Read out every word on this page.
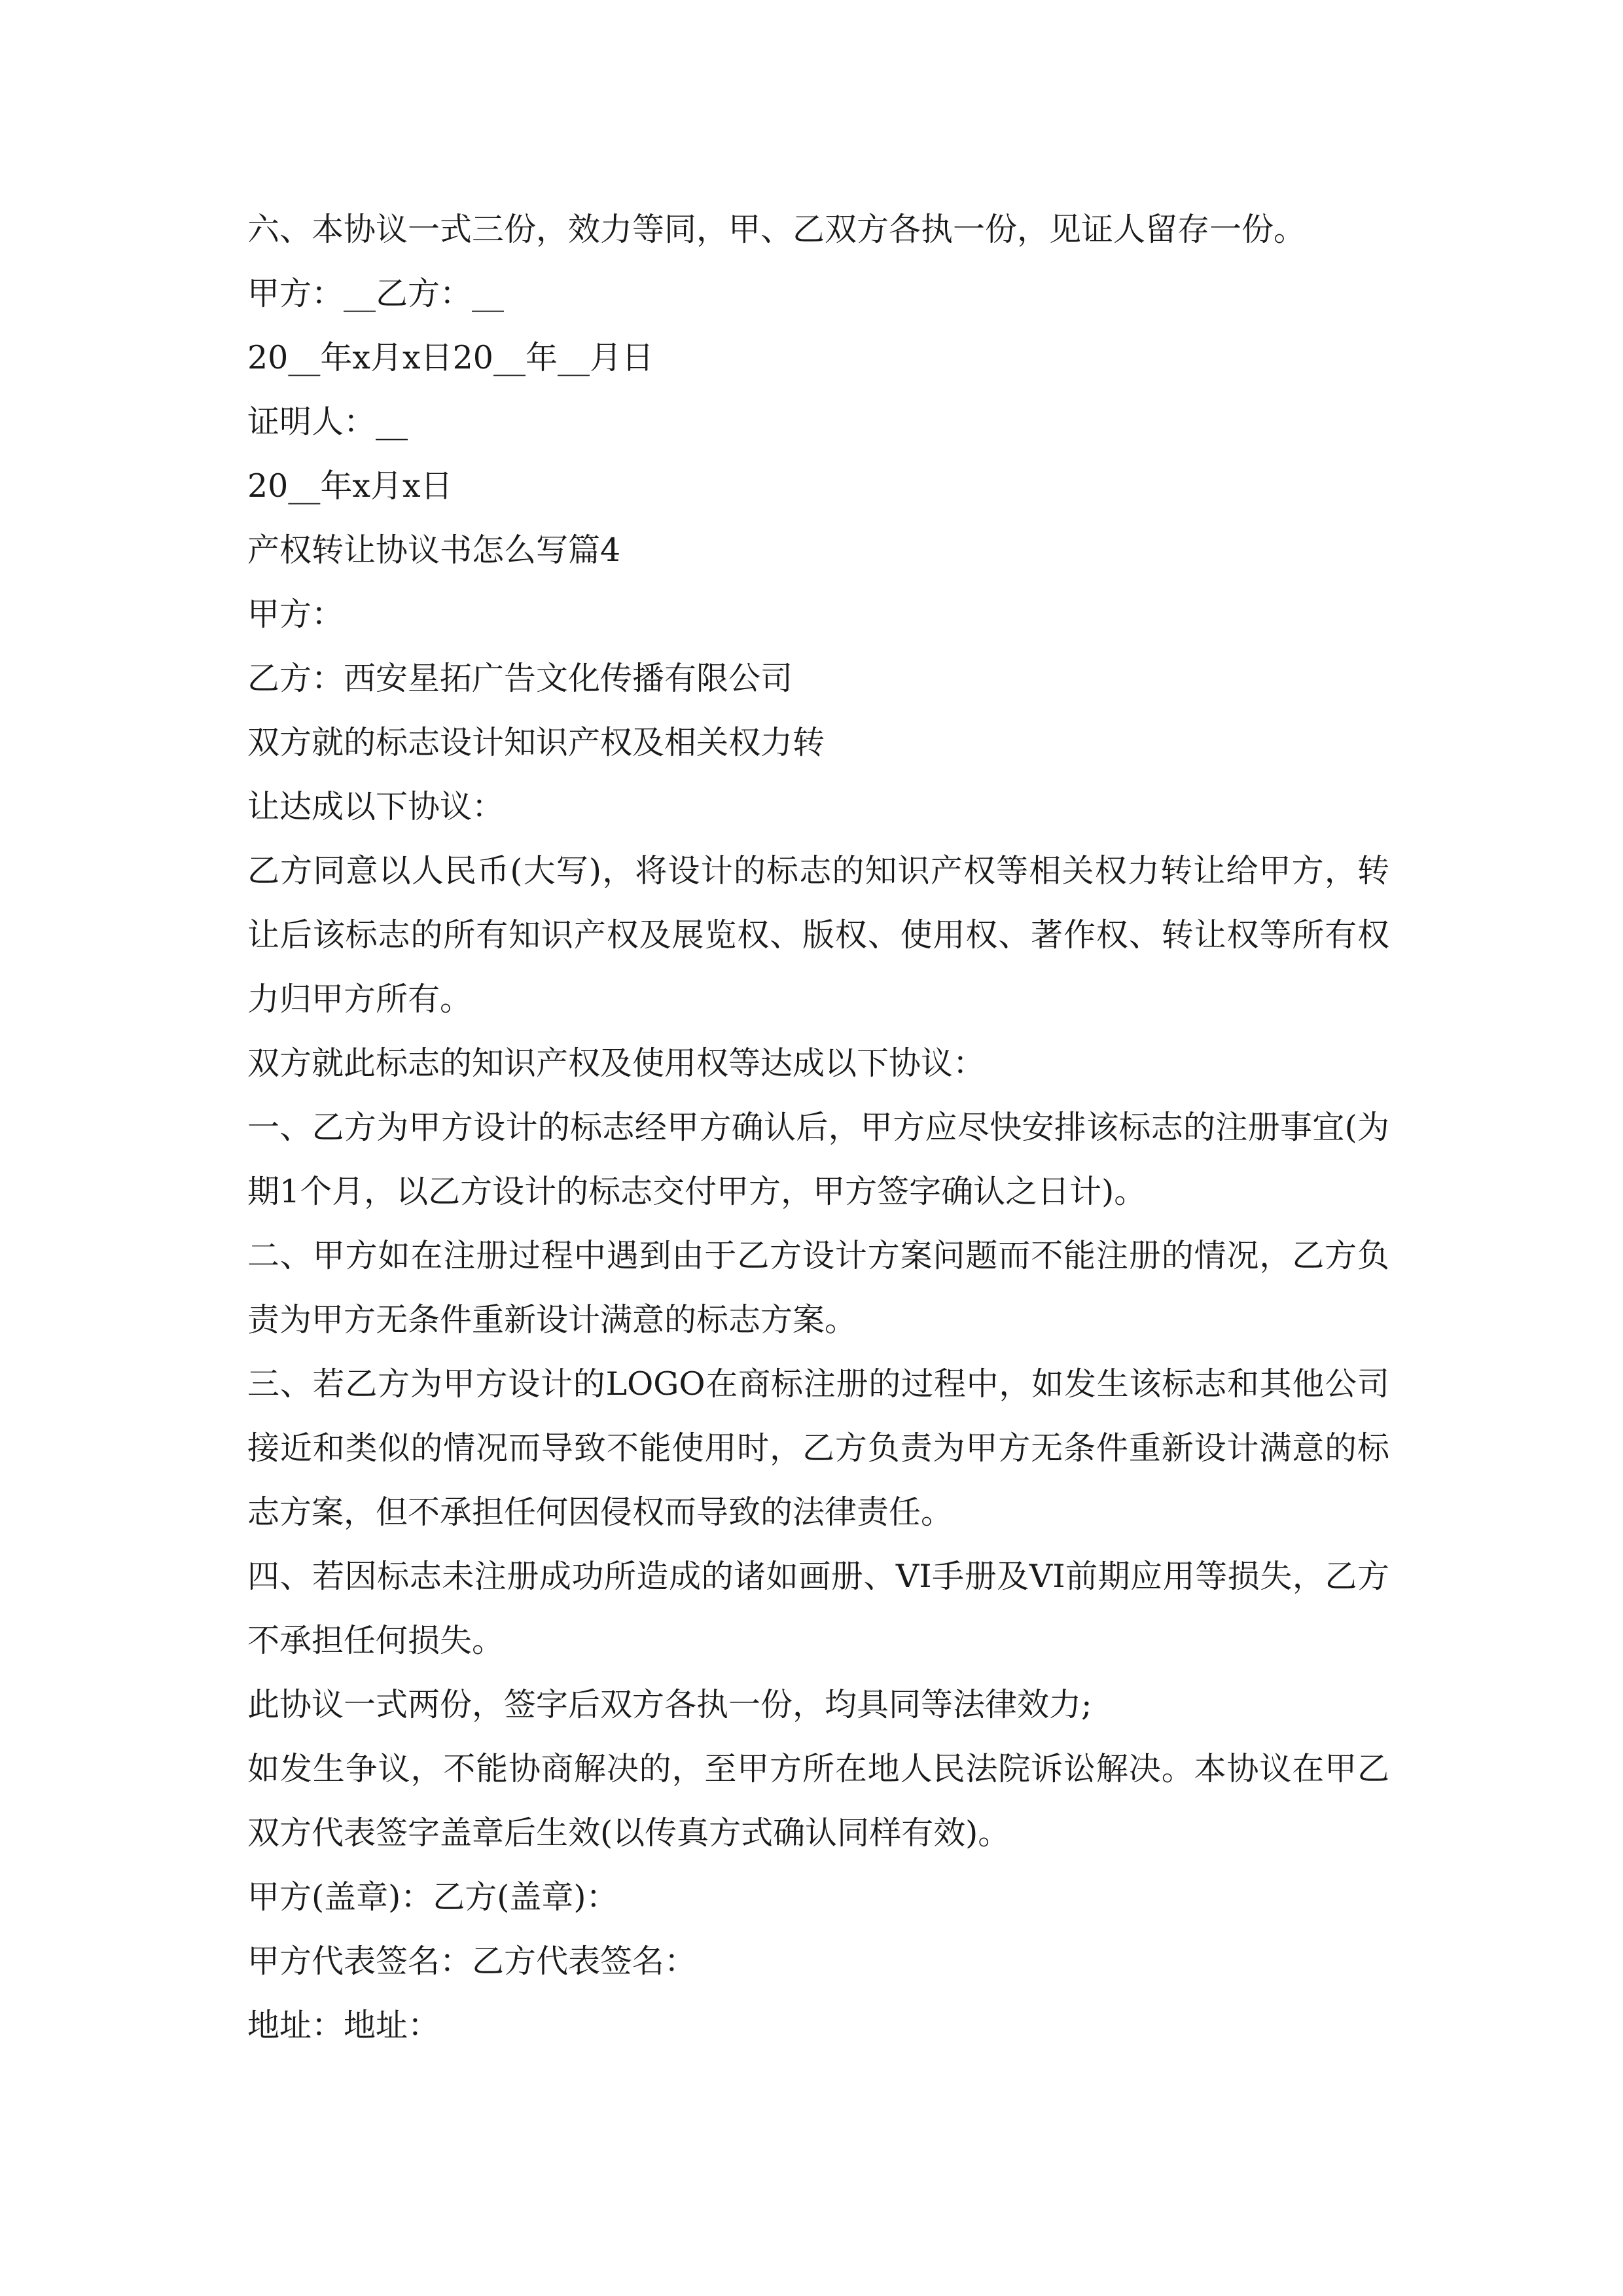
六、本协议一式三份，效力等同，甲、乙双方各执一份，见证人留存一份。

甲方：__乙方：__

20__年x月x日20__年__月日

证明人：__

20__年x月x日

产权转让协议书怎么写篇4

甲方：

乙方：西安星拓广告文化传播有限公司

双方就的标志设计知识产权及相关权力转

让达成以下协议：

乙方同意以人民币(大写)，将设计的标志的知识产权等相关权力转让给甲方，转让后该标志的所有知识产权及展览权、版权、使用权、著作权、转让权等所有权力归甲方所有。

双方就此标志的知识产权及使用权等达成以下协议：

一、乙方为甲方设计的标志经甲方确认后，甲方应尽快安排该标志的注册事宜(为期1个月，以乙方设计的标志交付甲方，甲方签字确认之日计)。

二、甲方如在注册过程中遇到由于乙方设计方案问题而不能注册的情况，乙方负责为甲方无条件重新设计满意的标志方案。

三、若乙方为甲方设计的LOGO在商标注册的过程中，如发生该标志和其他公司接近和类似的情况而导致不能使用时，乙方负责为甲方无条件重新设计满意的标志方案，但不承担任何因侵权而导致的法律责任。

四、若因标志未注册成功所造成的诸如画册、VI手册及VI前期应用等损失，乙方不承担任何损失。

此协议一式两份，签字后双方各执一份，均具同等法律效力;

如发生争议，不能协商解决的，至甲方所在地人民法院诉讼解决。本协议在甲乙双方代表签字盖章后生效(以传真方式确认同样有效)。

甲方(盖章)：乙方(盖章)：

甲方代表签名：乙方代表签名：

地址：地址：
